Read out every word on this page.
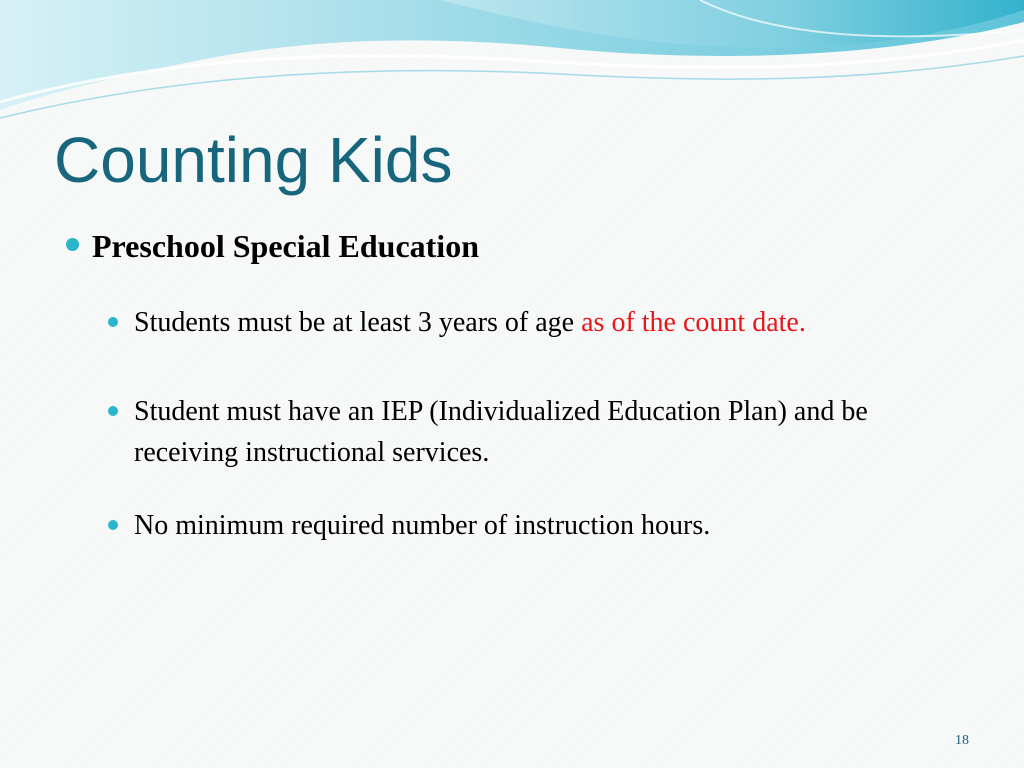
Counting Kids
Preschool Special Education
Students must be at least 3 years of age as of the count date.
Student must have an IEP (Individualized Education Plan) and be receiving instructional services.
No minimum required number of instruction hours.
18
